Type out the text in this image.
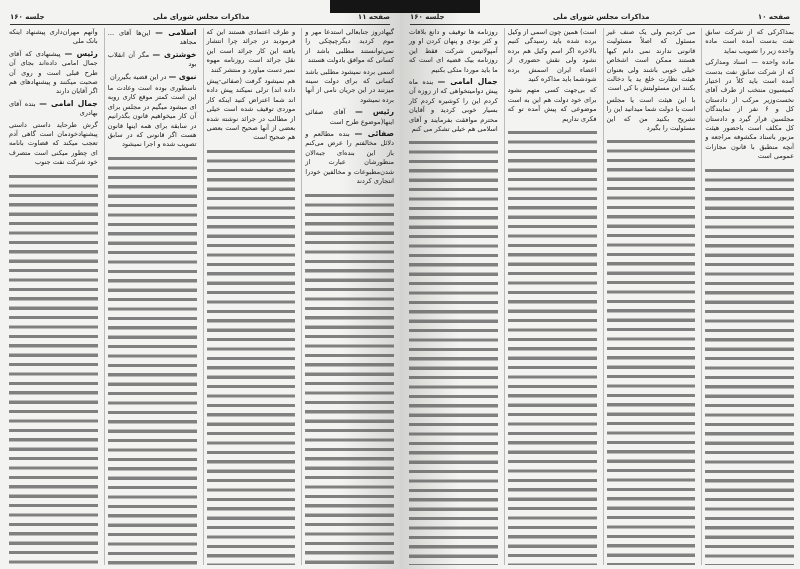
صفحه ۱۱
مذاکرات مجلس شورای ملی
جلسه ۱۶۰

گیهادروز جنابعالی استدعا مهر و موم کردید دیگرچیچکی را نمی‌توانستند مطلبی باشد از کسانی که موافق بادولت هستند

اسمی برده نمیشود مطلبی باشد کسانی که برای دولت سینه میزنند در این جریان نامی از آنها برده نمیشود

رئیس — آقای صفائی اینها(موضوع طرح است

صفائی — بنده مطالعم و دلائل مخالفتم را عرض می‌کنم باز این بنده‌ای جبه‌الان منظورشان عبارت از شدن‌مطبوعات و مخالفین خودرا انتجاری کردند

و طرف اعتمادی هستند این که فرمودید در جرائد چرا انتشار یافته این کار جرائد است این نقل جرائد است روزنامه مهوه نمیر دست میاورد و منتشر کنند

هم نمیشود گرفت (صفائی-پیش داده اند) ترلی نمیکند پیش داده اند شما اعتراض کنید اینکه کار موردی توقیف شده است خیلی از مطالب در جرائد نوشته شده بعضی از آنها صحیح است بعضی هم صحیح است

اسلامی — این‌ها آقای ... مجاهد

خوشتری — مگر آن انقلاب بود

نبوی — در این قضیه بگیرران

ناسطوری بوده است وعادت ما این است کمتر موقع کاری روبه ای میشود میگیم در مجلس برای آن کار میخواهیم قانون بگذرانیم در سابقه برای همه اینها قانون هست اگر قانونی که در سابق تصویب شده و اجرا نمیشود

وآنهم مهران‌داری پیشنهاد اینکه بانک ملی

رئیس — پیشنهادی که آقای جمال امامی داده‌اند بجای آن طرح قبلی است و روی آن صحبت میکنند و پیشنهادهای هم اگر آقایان دارند

جمال امامی — بنده آقای بهادری

گرش طرحاید داستی داستی پیشنهادخودمان است گاهی آدم تعجب میکند که قضاوت بانامه ای چطور میکنی است متصرف خود شرکت نفت جنوب

صفحه ۱۰
مذاکرات مجلس شورای ملی
جلسه ۱۶۰

بمذاکرکی که از شرکت سابق نفت بدست آمده است ماده واحده زیر را تصویب نماید

ماده واحده — اسناد ومدارکی که از شرکت سابق نفت بدست آمده است باید کلاً در اختیار کمیسیون منتخب از طرف آقای نخست‌وزیر مرکب از دادستان کل و ۶ نفر از نمایندگان مجلسین قرار گیرد و دادستان کل مکلف است باحضور هیئت مزبور باسناد مکشوفه مراجعه و آنچه منطبق با قانون مجازات عمومی است

می کردیم ولی یک صنف غیر مسئول که اصلاً مسئولیت قانونی ندارند نمی دانم کیها هستند ممکن است اشخاص خیلی خوبی باشند ولی بعنوان هیئت نظارت خلع ید یا دخالت بکنند این مسئولیتش با کی است

با این هیئت است یا مجلس است یا دولت شما میدانید این را تشریح بکنید من که این مسئولیت را بگیرد

است) همین چون اسمی از وکیل برده شده باید رسیدگی کنیم بالاخره اگر اسم وکیل هم برده نشود ولی نقش حضوری از اعضاء ایران اسمش برده شودشما باید مذاکره کنید

که بی‌جهت کسی متهم نشود برای خود دولت هم این به است موضوعی که پیش آمده تو که فکری نداریم

روزنامه ها توقیف و دانع بلافات و کثر بودی و پنهان کردن او ور آمپولاتیس شرکت فقط این روزنامه بیک قضیه ای است که ما باید موردا متکی بکنیم

جمال امامی — بنده ماه پیش دوامیتخواهی که از زوزه آن کردم این را کوشیره کردم کار بسیار خوبی کردید و آقایان محترم موافقت بفرمایند و آقای اسلامی هم خیلی تشکر می کنم
